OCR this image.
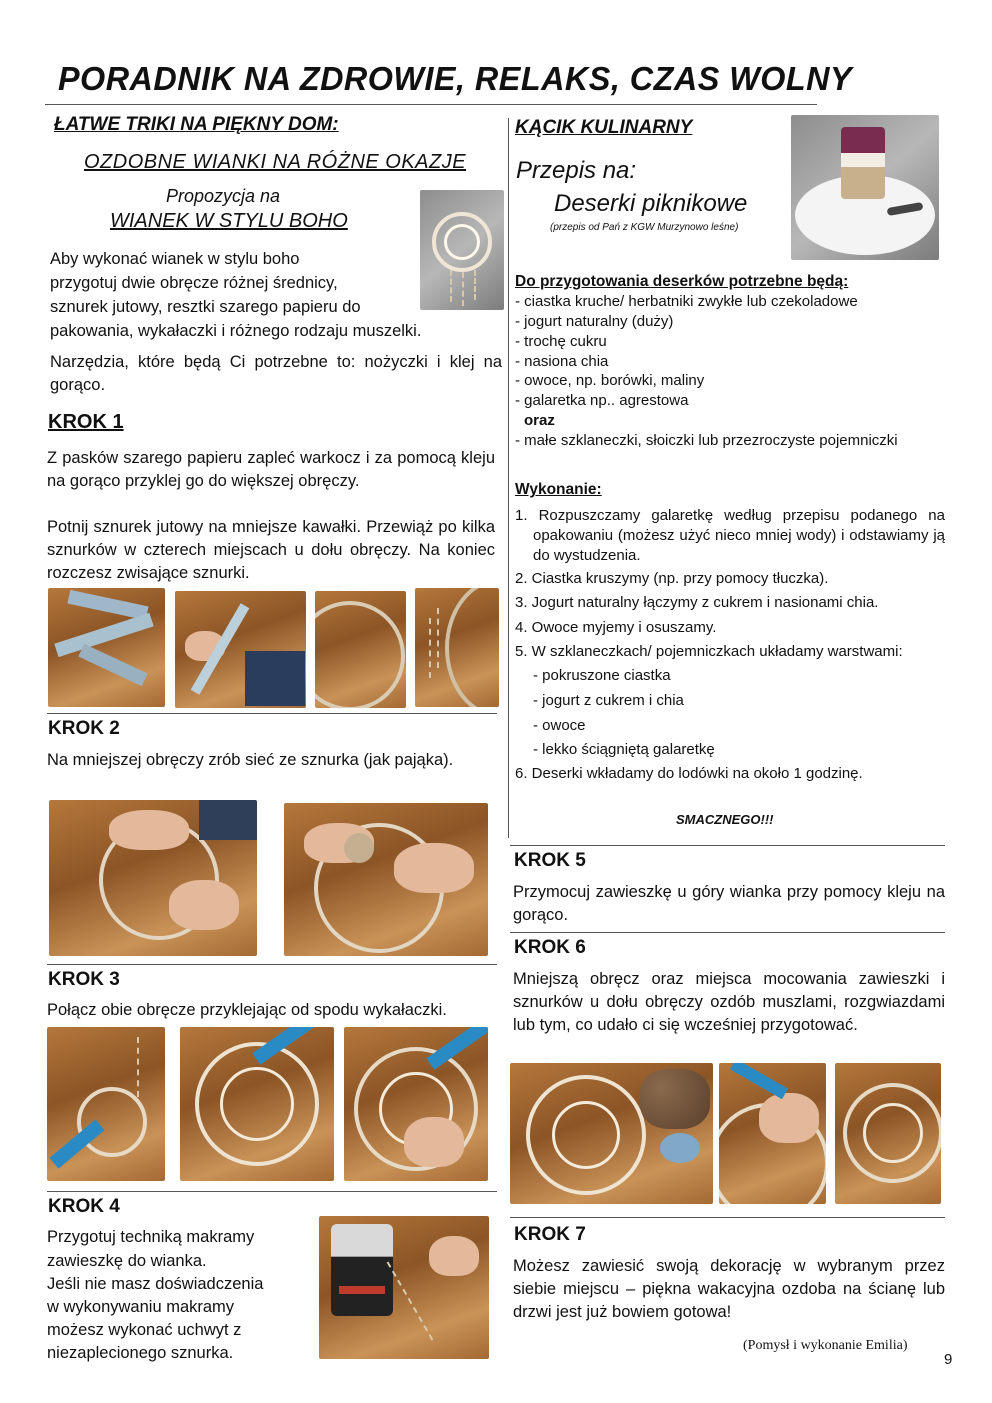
PORADNIK NA ZDROWIE, RELAKS, CZAS WOLNY
ŁATWE TRIKI NA PIĘKNY DOM:
OZDOBNE WIANKI NA RÓŻNE OKAZJE
Propozycja na
WIANEK W STYLU BOHO
Aby wykonać wianek w stylu boho
przygotuj dwie obręcze różnej średnicy,
sznurek jutowy, resztki szarego papieru do
pakowania, wykałaczki i różnego rodzaju muszelki.
Narzędzia, które będą Ci potrzebne to: nożyczki i klej na gorąco.
KROK 1
Z pasków szarego papieru zapleć warkocz i za pomocą kleju na gorąco przyklej go do większej obręczy.
Potnij sznurek jutowy na mniejsze kawałki. Przewiąż po kilka sznurków w czterech miejscach u dołu obręczy. Na koniec rozczesz zwisające sznurki.
KROK 2
Na mniejszej obręczy zrób sieć ze sznurka (jak pająka).
KROK 3
Połącz obie obręcze przyklejając od spodu wykałaczki.
KROK 4
Przygotuj techniką makramy
zawieszkę do wianka.
Jeśli nie masz doświadczenia
w wykonywaniu makramy
możesz wykonać uchwyt z
niezaplecionego sznurka.
KĄCIK KULINARNY
Przepis na:
Deserki piknikowe
(przepis od Pań z KGW Murzynowo leśne)
Do przygotowania deserków potrzebne będą:
- ciastka kruche/ herbatniki zwykłe lub czekoladowe
- jogurt naturalny (duży)
- trochę cukru
- nasiona chia
- owoce, np. borówki, maliny
- galaretka np.. agrestowa
oraz
- małe szklaneczki, słoiczki lub przezroczyste pojemniczki
Wykonanie:
1. Rozpuszczamy galaretkę według przepisu podanego na opakowaniu (możesz użyć nieco mniej wody) i odstawiamy ją do wystudzenia.
2. Ciastka kruszymy (np. przy pomocy tłuczka).
3. Jogurt naturalny łączymy z cukrem i nasionami chia.
4. Owoce myjemy i osuszamy.
5. W szklaneczkach/ pojemniczkach układamy warstwami:
- pokruszone ciastka
- jogurt z cukrem i chia
- owoce
- lekko ściągniętą galaretkę
6. Deserki wkładamy do lodówki na około 1 godzinę.
SMACZNEGO!!!
KROK 5
Przymocuj zawieszkę u góry wianka przy pomocy kleju na gorąco.
KROK 6
Mniejszą obręcz oraz miejsca mocowania zawieszki i sznurków u dołu obręczy ozdób muszlami, rozgwiazdami lub tym, co udało ci się wcześniej przygotować.
KROK 7
Możesz zawiesić swoją dekorację w wybranym przez siebie miejscu – piękna wakacyjna ozdoba na ścianę lub drzwi jest już bowiem gotowa!
(Pomysł i wykonanie Emilia)
9
